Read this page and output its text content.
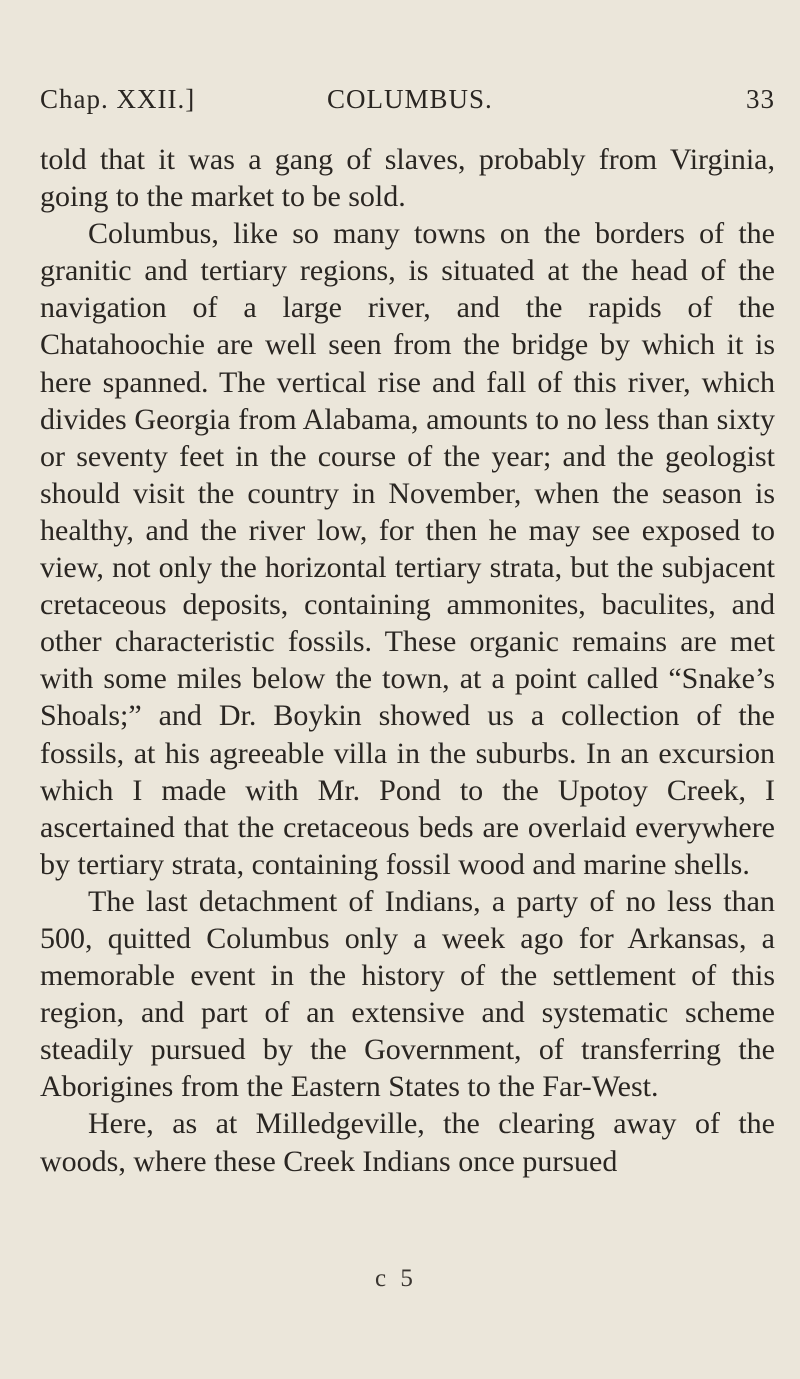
Chap. XXII.]	COLUMBUS.	33

told that it was a gang of slaves, probably from Virginia, going to the market to be sold.

Columbus, like so many towns on the borders of the granitic and tertiary regions, is situated at the head of the navigation of a large river, and the rapids of the Chatahoochie are well seen from the bridge by which it is here spanned. The vertical rise and fall of this river, which divides Georgia from Alabama, amounts to no less than sixty or seventy feet in the course of the year; and the geologist should visit the country in November, when the season is healthy, and the river low, for then he may see exposed to view, not only the horizontal tertiary strata, but the subjacent cretaceous deposits, containing ammonites, baculites, and other characteristic fossils. These organic remains are met with some miles below the town, at a point called “Snake’s Shoals;” and Dr. Boykin showed us a collection of the fossils, at his agreeable villa in the suburbs. In an excursion which I made with Mr. Pond to the Upotoy Creek, I ascertained that the cretaceous beds are overlaid everywhere by tertiary strata, containing fossil wood and marine shells.

The last detachment of Indians, a party of no less than 500, quitted Columbus only a week ago for Arkansas, a memorable event in the history of the settlement of this region, and part of an extensive and systematic scheme steadily pursued by the Government, of transferring the Aborigines from the Eastern States to the Far-West.

Here, as at Milledgeville, the clearing away of the woods, where these Creek Indians once pursued

c 5
